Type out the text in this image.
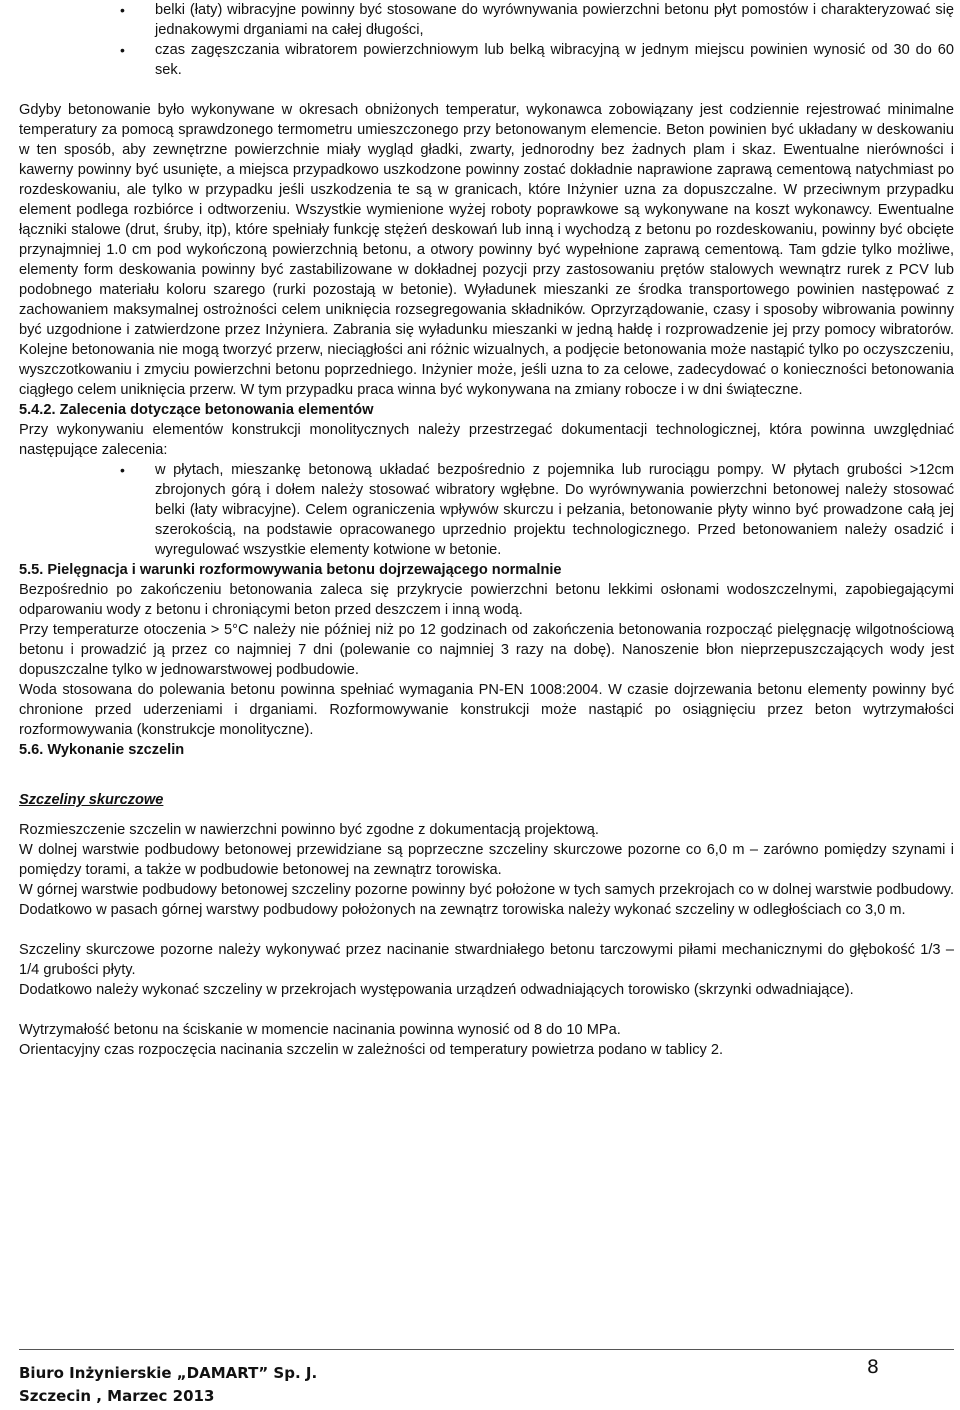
• belki (łaty) wibracyjne powinny być stosowane do wyrównywania powierzchni betonu płyt pomostów i charakteryzować się jednakowymi drganiami na całej długości,
• czas zagęszczania wibratorem powierzchniowym lub belką wibracyjną w jednym miejscu powinien wynosić od 30 do 60 sek.

Gdyby betonowanie było wykonywane w okresach obniżonych temperatur, wykonawca zobowiązany jest codziennie rejestrować minimalne temperatury za pomocą sprawdzonego termometru umieszczonego przy betonowanym elemencie. Beton powinien być układany w deskowaniu w ten sposób, aby zewnętrzne powierzchnie miały wygląd gładki, zwarty, jednorodny bez żadnych plam i skaz. Ewentualne nierówności i kawerny powinny być usunięte, a miejsca przypadkowo uszkodzone powinny zostać dokładnie naprawione zaprawą cementową natychmiast po rozdeskowaniu, ale tylko w przypadku jeśli uszkodzenia te są w granicach, które Inżynier uzna za dopuszczalne. W przeciwnym przypadku element podlega rozbiórce i odtworzeniu. Wszystkie wymienione wyżej roboty poprawkowe są wykonywane na koszt wykonawcy. Ewentualne łączniki stalowe (drut, śruby, itp), które spełniały funkcję stężeń deskowań lub inną i wychodzą z betonu po rozdeskowaniu, powinny być obcięte przynajmniej 1.0 cm pod wykończoną powierzchnią betonu, a otwory powinny być wypełnione zaprawą cementową. Tam gdzie tylko możliwe, elementy form deskowania powinny być zastabilizowane w dokładnej pozycji przy zastosowaniu prętów stalowych wewnątrz rurek z PCV lub podobnego materiału koloru szarego (rurki pozostają w betonie). Wyładunek mieszanki ze środka transportowego powinien następować z zachowaniem maksymalnej ostrożności celem uniknięcia rozsegregowania składników. Oprzyrządowanie, czasy i sposoby wibrowania powinny być uzgodnione i zatwierdzone przez Inżyniera. Zabrania się wyładunku mieszanki w jedną hałdę i rozprowadzenie jej przy pomocy wibratorów. Kolejne betonowania nie mogą tworzyć przerw, nieciągłości ani różnic wizualnych, a podjęcie betonowania może nastąpić tylko po oczyszczeniu, wyszczotkowaniu i zmyciu powierzchni betonu poprzedniego. Inżynier może, jeśli uzna to za celowe, zadecydować o konieczności betonowania ciągłego celem uniknięcia przerw. W tym przypadku praca winna być wykonywana na zmiany robocze i w dni świąteczne.

5.4.2. Zalecenia dotyczące betonowania elementów

Przy wykonywaniu elementów konstrukcji monolitycznych należy przestrzegać dokumentacji technologicznej, która powinna uwzględniać następujące zalecenia:

• w płytach, mieszankę betonową układać bezpośrednio z pojemnika lub rurociągu pompy. W płytach grubości >12cm zbrojonych górą i dołem należy stosować wibratory wgłębne. Do wyrównywania powierzchni betonowej należy stosować belki (łaty wibracyjne). Celem ograniczenia wpływów skurczu i pełzania, betonowanie płyty winno być prowadzone całą jej szerokością, na podstawie opracowanego uprzednio projektu technologicznego. Przed betonowaniem należy osadzić i wyregulować wszystkie elementy kotwione w betonie.

5.5. Pielęgnacja i warunki rozformowywania betonu dojrzewającego normalnie

Bezpośrednio po zakończeniu betonowania zaleca się przykrycie powierzchni betonu lekkimi osłonami wodoszczelnymi, zapobiegającymi odparowaniu wody z betonu i chroniącymi beton przed deszczem i inną wodą.

Przy temperaturze otoczenia > 5°C należy nie później niż po 12 godzinach od zakończenia betonowania rozpocząć pielęgnację wilgotnościową betonu i prowadzić ją przez co najmniej 7 dni (polewanie co najmniej 3 razy na dobę). Nanoszenie błon nieprzepuszczających wody jest dopuszczalne tylko w jednowarstwowej podbudowie.

Woda stosowana do polewania betonu powinna spełniać wymagania PN-EN 1008:2004. W czasie dojrzewania betonu elementy powinny być chronione przed uderzeniami i drganiami. Rozformowywanie konstrukcji może nastąpić po osiągnięciu przez beton wytrzymałości rozformowywania (konstrukcje monolityczne).

5.6. Wykonanie szczelin

Szczeliny skurczowe

Rozmieszczenie szczelin w nawierzchni powinno być zgodne z dokumentacją projektową.

W dolnej warstwie podbudowy betonowej przewidziane są poprzeczne szczeliny skurczowe pozorne co 6,0 m – zarówno pomiędzy szynami i pomiędzy torami, a także w podbudowie betonowej na zewnątrz torowiska.

W górnej warstwie podbudowy betonowej szczeliny pozorne powinny być położone w tych samych przekrojach co w dolnej warstwie podbudowy. Dodatkowo w pasach górnej warstwy podbudowy położonych na zewnątrz torowiska należy wykonać szczeliny w odległościach co 3,0 m.

Szczeliny skurczowe pozorne należy wykonywać przez nacinanie stwardniałego betonu tarczowymi piłami mechanicznymi do głębokość 1/3 – 1/4 grubości płyty.

Dodatkowo należy wykonać szczeliny w przekrojach występowania urządzeń odwadniających torowisko (skrzynki odwadniające).

Wytrzymałość betonu na ściskanie w momencie nacinania powinna wynosić od 8 do 10 MPa.

Orientacyjny czas rozpoczęcia nacinania szczelin w zależności od temperatury powietrza podano w tablicy 2.

Biuro Inżynierskie „DAMART” Sp. J.
Szczecin , Marzec 2013
8
